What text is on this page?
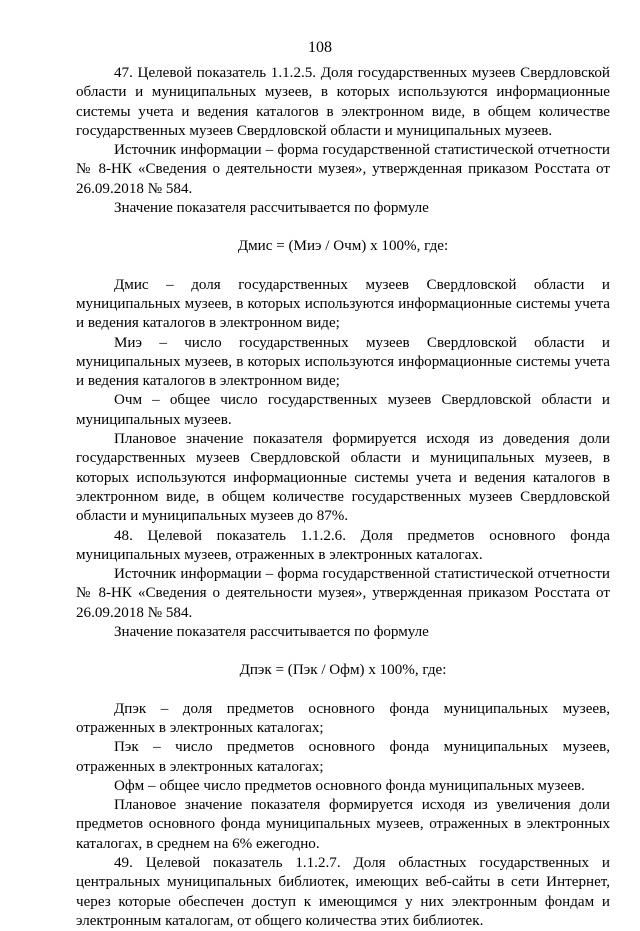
108

47. Целевой показатель 1.1.2.5. Доля государственных музеев Свердловской области и муниципальных музеев, в которых используются информационные системы учета и ведения каталогов в электронном виде, в общем количестве государственных музеев Свердловской области и муниципальных музеев.

Источник информации – форма государственной статистической отчетности № 8-НК «Сведения о деятельности музея», утвержденная приказом Росстата от 26.09.2018 № 584.

Значение показателя рассчитывается по формуле

Дмис = (Миэ / Очм) x 100%, где:

Дмис – доля государственных музеев Свердловской области и муниципальных музеев, в которых используются информационные системы учета и ведения каталогов в электронном виде;

Миэ – число государственных музеев Свердловской области и муниципальных музеев, в которых используются информационные системы учета и ведения каталогов в электронном виде;

Очм – общее число государственных музеев Свердловской области и муниципальных музеев.

Плановое значение показателя формируется исходя из доведения доли государственных музеев Свердловской области и муниципальных музеев, в которых используются информационные системы учета и ведения каталогов в электронном виде, в общем количестве государственных музеев Свердловской области и муниципальных музеев до 87%.

48. Целевой показатель 1.1.2.6. Доля предметов основного фонда муниципальных музеев, отраженных в электронных каталогах.

Источник информации – форма государственной статистической отчетности № 8-НК «Сведения о деятельности музея», утвержденная приказом Росстата от 26.09.2018 № 584.

Значение показателя рассчитывается по формуле

Дпэк = (Пэк / Офм) x 100%, где:

Дпэк – доля предметов основного фонда муниципальных музеев, отраженных в электронных каталогах;

Пэк – число предметов основного фонда муниципальных музеев, отраженных в электронных каталогах;

Офм – общее число предметов основного фонда муниципальных музеев.

Плановое значение показателя формируется исходя из увеличения доли предметов основного фонда муниципальных музеев, отраженных в электронных каталогах, в среднем на 6% ежегодно.

49. Целевой показатель 1.1.2.7. Доля областных государственных и центральных муниципальных библиотек, имеющих веб-сайты в сети Интернет, через которые обеспечен доступ к имеющимся у них электронным фондам и электронным каталогам, от общего количества этих библиотек.
